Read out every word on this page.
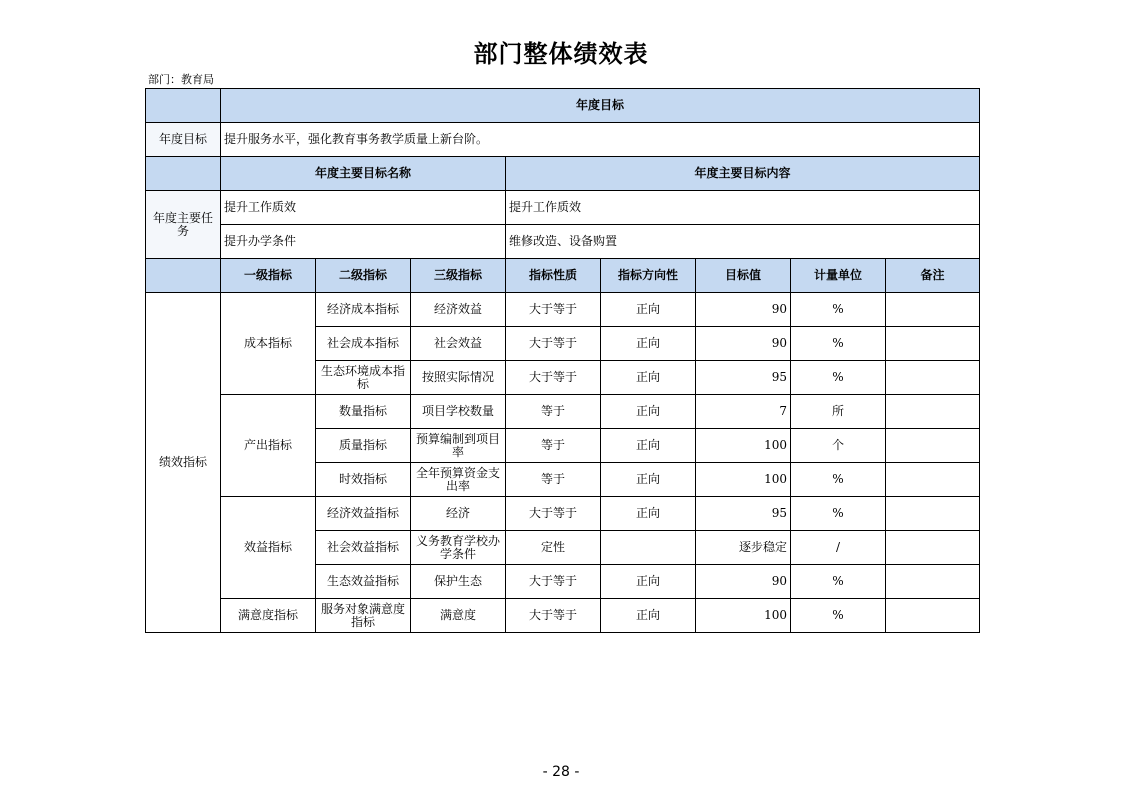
部门整体绩效表
部门：教育局
	年度目标							
年度目标	提升服务水平，强化教育事务教学质量上新台阶。							
	年度主要目标名称			年度主要目标内容				
年度主要任务	提升工作质效			提升工作质效				
	提升办学条件			维修改造、设备购置				
	一级指标	二级指标	三级指标	指标性质	指标方向性	目标值	计量单位	备注
绩效指标	成本指标	经济成本指标	经济效益	大于等于	正向	90	%	
		社会成本指标	社会效益	大于等于	正向	90	%	
		生态环境成本指标	按照实际情况	大于等于	正向	95	%	
	产出指标	数量指标	项目学校数量	等于	正向	7	所	
		质量指标	预算编制到项目率	等于	正向	100	个	
		时效指标	全年预算资金支出率	等于	正向	100	%	
	效益指标	经济效益指标	经济	大于等于	正向	95	%	
		社会效益指标	义务教育学校办学条件	定性		逐步稳定	/	
		生态效益指标	保护生态	大于等于	正向	90	%	
	满意度指标	服务对象满意度指标	满意度	大于等于	正向	100	%	
- 28 -
